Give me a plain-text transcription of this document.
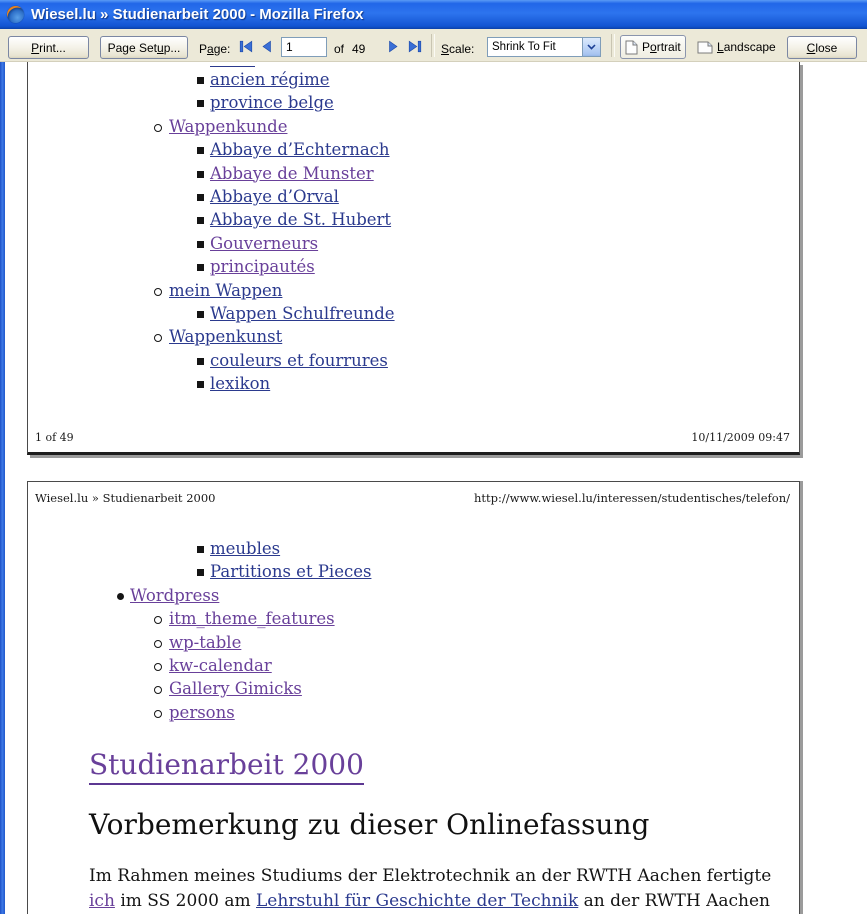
Wiesel.lu » Studienarbeit 2000 - Mozilla Firefox
P rint...	Page Set u p... Page:
1	of 49	Scale:	Shrink To Fit	P o rtrait	L andscape	C lose
ancien régime
province belge
Wappenkunde
Abbaye d’Echternach
Abbaye de Munster
Abbaye d’Orval
Abbaye de St. Hubert
Gouverneurs
principautés
mein Wappen
Wappen Schulfreunde
Wappenkunst
couleurs et fourrures
lexikon
1 of 49	10/11/2009 09:47
Wiesel.lu » Studienarbeit 2000	http://www.wiesel.lu/interessen/studentisches/telefon/
meubles
Partitions et Pieces
Wordpress
itm_theme_features
wp-table
kw-calendar
Gallery Gimicks
persons
Studienarbeit 2000
Vorbemerkung zu dieser Onlinefassung
Im Rahmen meines Studiums der Elektrotechnik an der RWTH Aachen fertigte
ich im SS 2000 am Lehrstuhl für Geschichte der Technik an der RWTH Aachen
